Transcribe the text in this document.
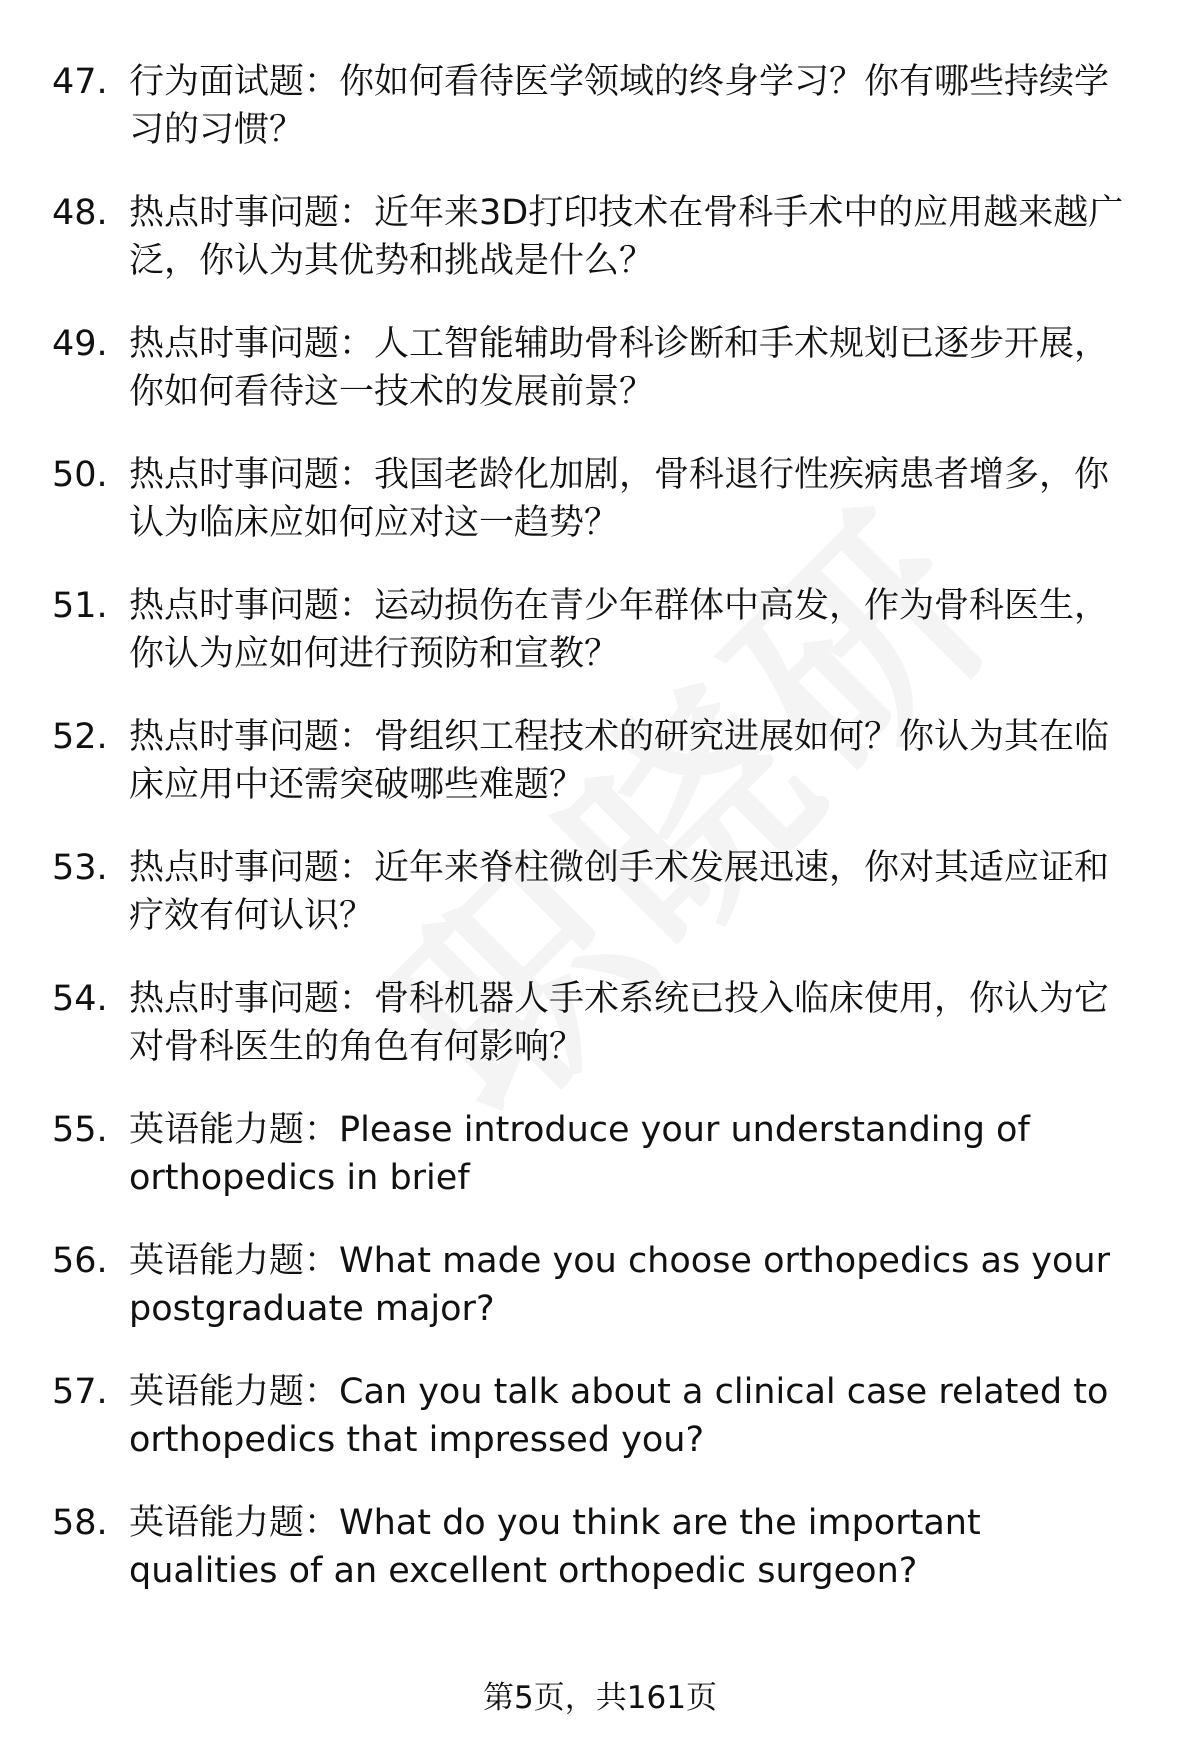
47. 行为面试题：你如何看待医学领域的终身学习？你有哪些持续学习的习惯？
48. 热点时事问题：近年来3D打印技术在骨科手术中的应用越来越广泛，你认为其优势和挑战是什么？
49. 热点时事问题：人工智能辅助骨科诊断和手术规划已逐步开展，你如何看待这一技术的发展前景？
50. 热点时事问题：我国老龄化加剧，骨科退行性疾病患者增多，你认为临床应如何应对这一趋势？
51. 热点时事问题：运动损伤在青少年群体中高发，作为骨科医生，你认为应如何进行预防和宣教？
52. 热点时事问题：骨组织工程技术的研究进展如何？你认为其在临床应用中还需突破哪些难题？
53. 热点时事问题：近年来脊柱微创手术发展迅速，你对其适应证和疗效有何认识？
54. 热点时事问题：骨科机器人手术系统已投入临床使用，你认为它对骨科医生的角色有何影响？
55. 英语能力题：Please introduce your understanding of orthopedics in brief
56. 英语能力题：What made you choose orthopedics as your postgraduate major?
57. 英语能力题：Can you talk about a clinical case related to orthopedics that impressed you?
58. 英语能力题：What do you think are the important qualities of an excellent orthopedic surgeon?
第5页，共161页
